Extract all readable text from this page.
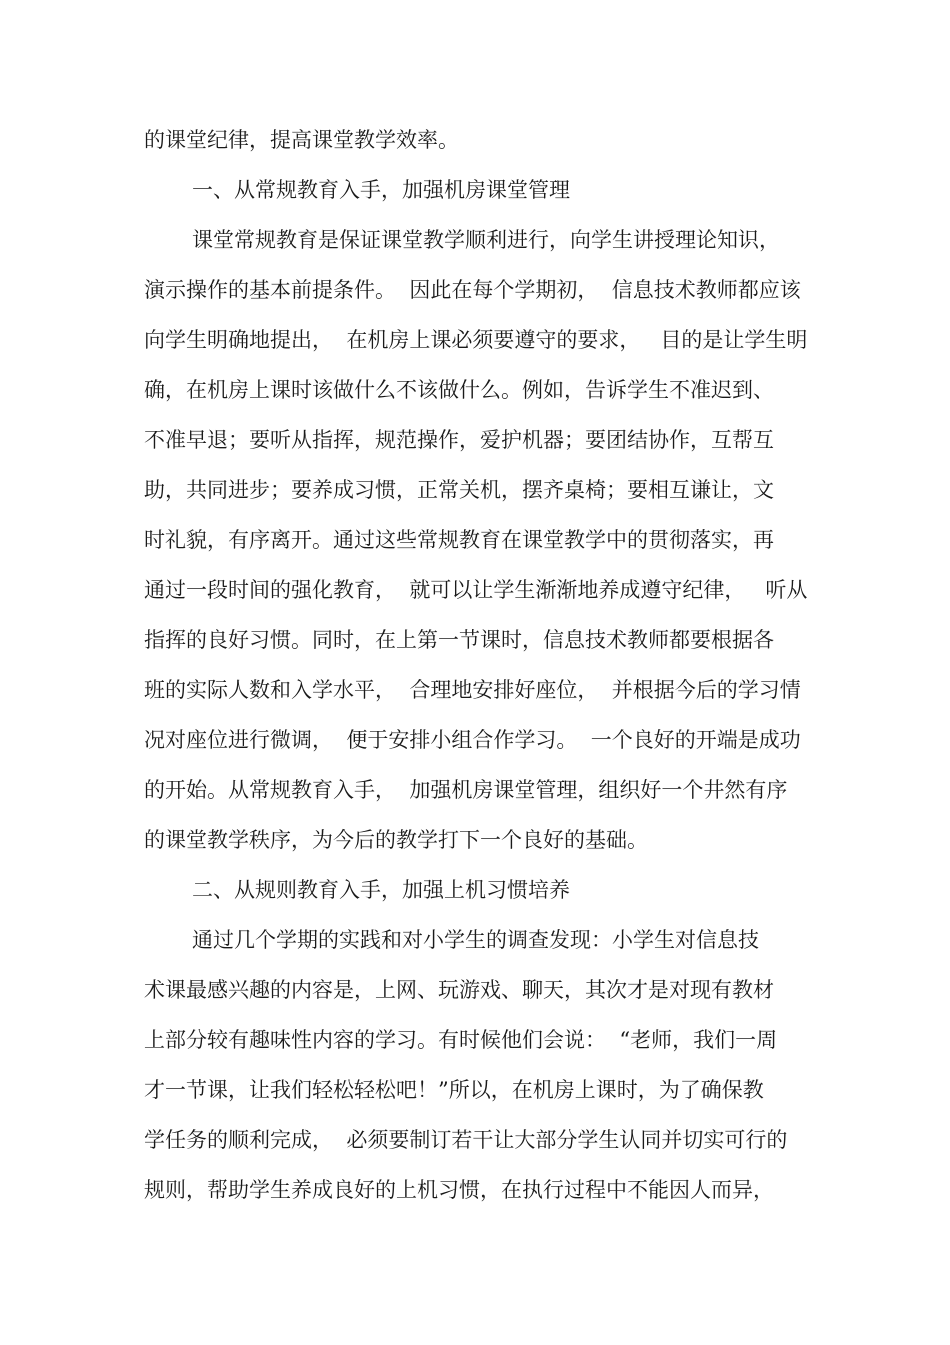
的课堂纪律，提高课堂教学效率。
一、从常规教育入手，加强机房课堂管理
课堂常规教育是保证课堂教学顺利进行，向学生讲授理论知识，
演示操作的基本前提条件。  因此在每个学期初，  信息技术教师都应该
向学生明确地提出，  在机房上课必须要遵守的要求，   目的是让学生明
确，在机房上课时该做什么不该做什么。例如，告诉学生不准迟到、
不准早退；要听从指挥，规范操作，爱护机器；要团结协作，互帮互
助，共同进步；要养成习惯，正常关机，摆齐桌椅；要相互谦让，文
时礼貌，有序离开。通过这些常规教育在课堂教学中的贯彻落实，再
通过一段时间的强化教育，  就可以让学生渐渐地养成遵守纪律，   听从
指挥的良好习惯。同时，在上第一节课时，信息技术教师都要根据各
班的实际人数和入学水平，  合理地安排好座位，  并根据今后的学习情
况对座位进行微调，  便于安排小组合作学习。  一个良好的开端是成功
的开始。从常规教育入手，  加强机房课堂管理，组织好一个井然有序
的课堂教学秩序，为今后的教学打下一个良好的基础。
二、从规则教育入手，加强上机习惯培养
通过几个学期的实践和对小学生的调查发现：小学生对信息技
术课最感兴趣的内容是，上网、玩游戏、聊天，其次才是对现有教材
上部分较有趣味性内容的学习。有时候他们会说：  “老师，我们一周
才一节课，让我们轻松轻松吧！”所以，在机房上课时，为了确保教
学任务的顺利完成，  必须要制订若干让大部分学生认同并切实可行的
规则，帮助学生养成良好的上机习惯，在执行过程中不能因人而异，
